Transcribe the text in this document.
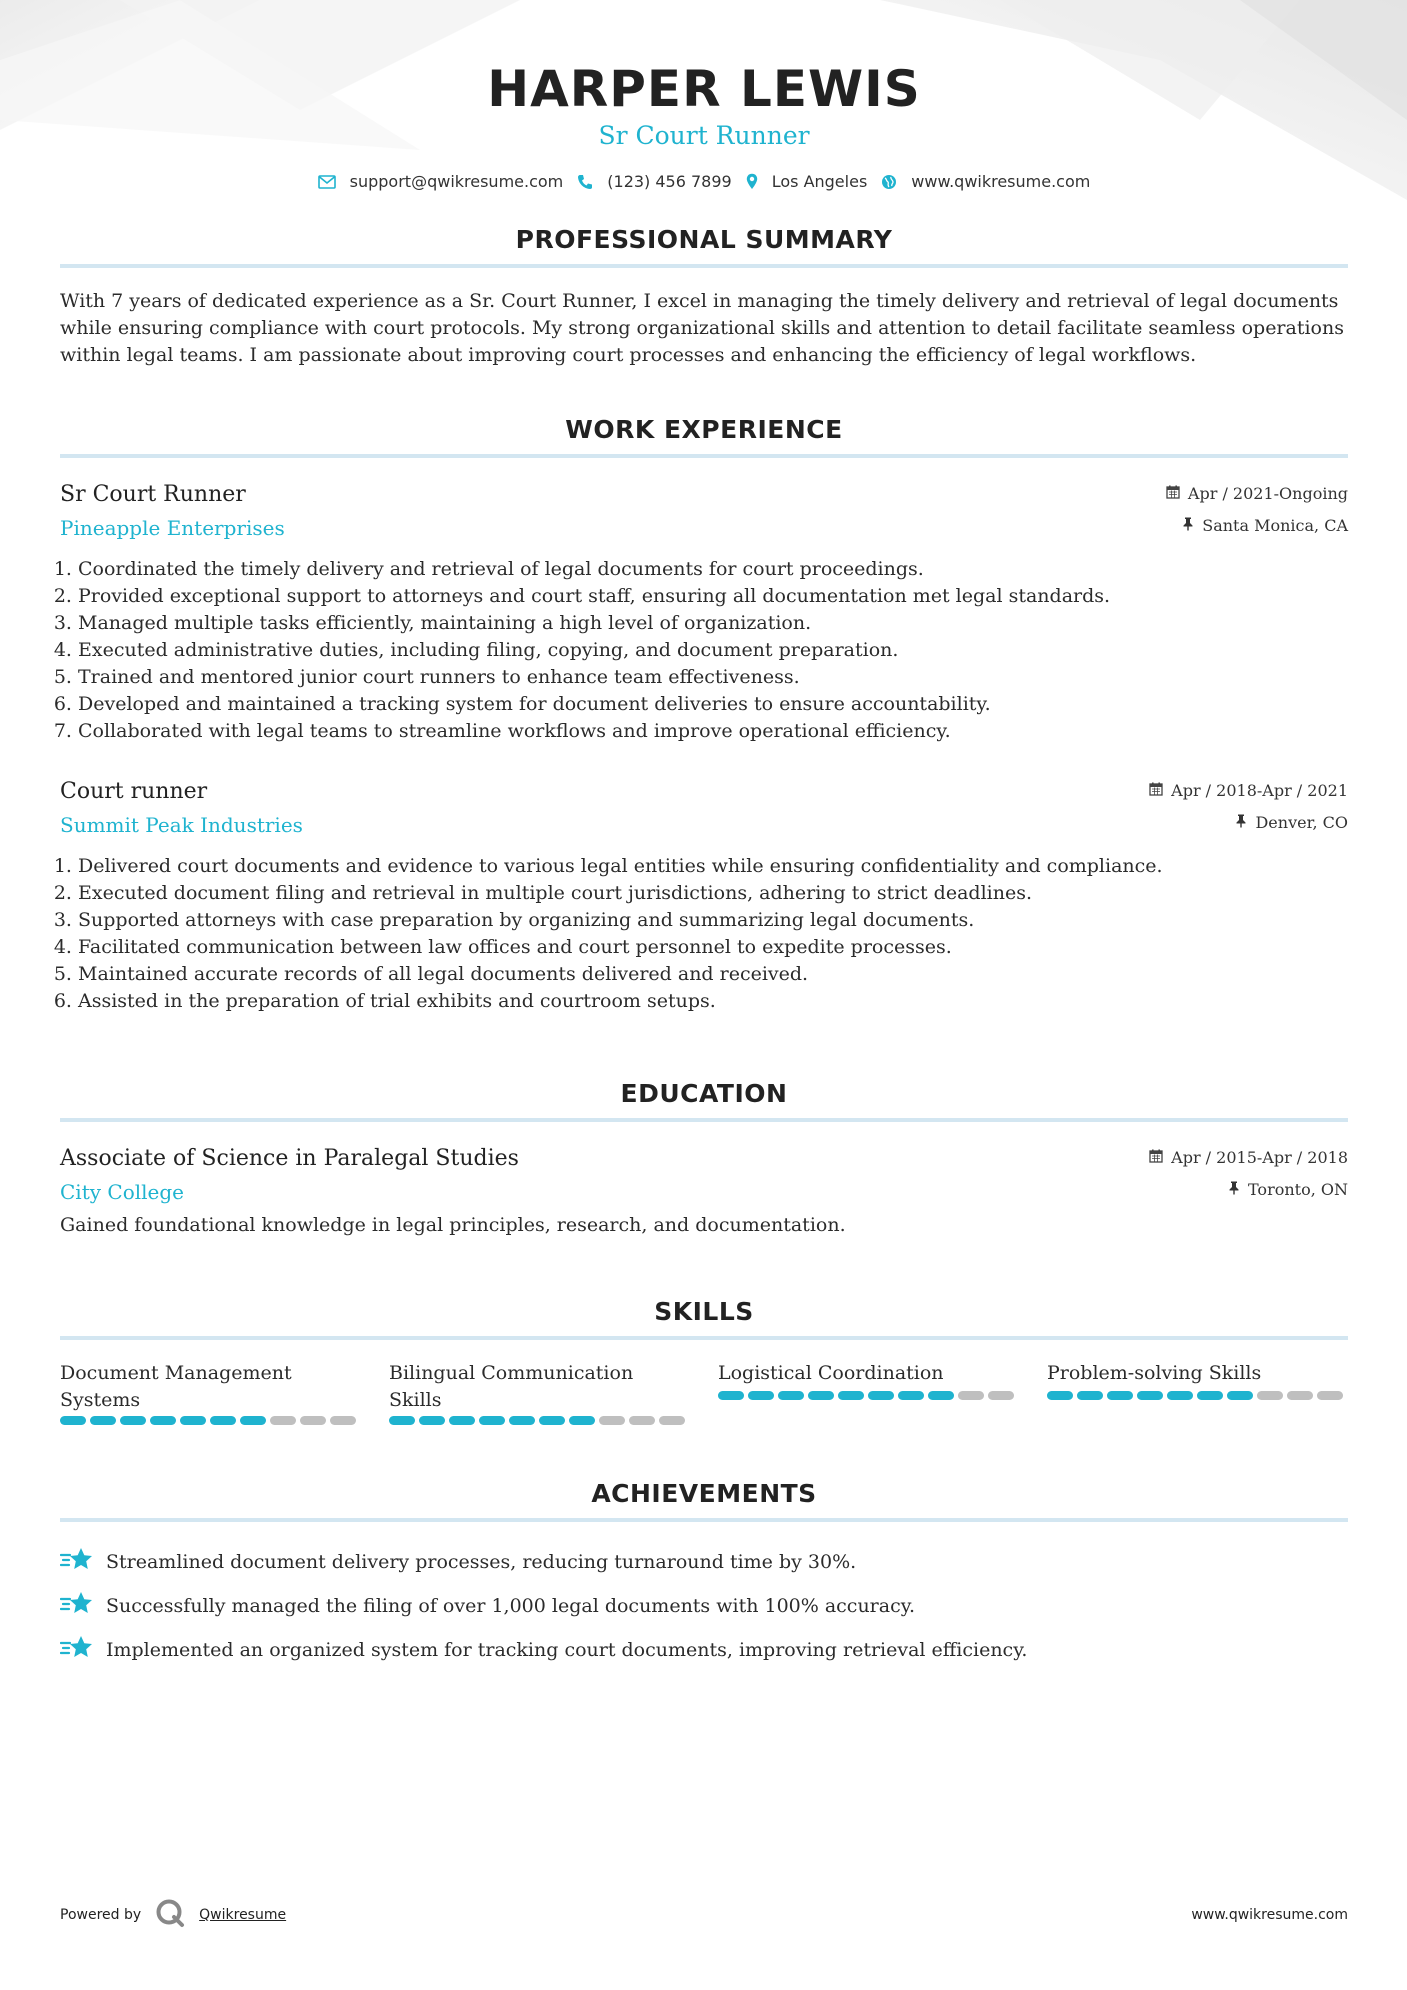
HARPER LEWIS
Sr Court Runner
support@qwikresume.com	(123) 456 7899	Los Angeles	www.qwikresume.com
PROFESSIONAL SUMMARY

With 7 years of dedicated experience as a Sr. Court Runner, I excel in managing the timely delivery and retrieval of legal documents while ensuring compliance with court protocols. My strong organizational skills and attention to detail facilitate seamless operations within legal teams. I am passionate about improving court processes and enhancing the efficiency of legal workflows.

WORK EXPERIENCE
Sr Court Runner
Pineapple Enterprises
Apr / 2021-Ongoing
Santa Monica, CA
1. Coordinated the timely delivery and retrieval of legal documents for court proceedings.
2. Provided exceptional support to attorneys and court staff, ensuring all documentation met legal standards.
3. Managed multiple tasks efficiently, maintaining a high level of organization.
4. Executed administrative duties, including filing, copying, and document preparation.
5. Trained and mentored junior court runners to enhance team effectiveness.
6. Developed and maintained a tracking system for document deliveries to ensure accountability.
7. Collaborated with legal teams to streamline workflows and improve operational efficiency.
Court runner
Summit Peak Industries
Apr / 2018-Apr / 2021
Denver, CO
1. Delivered court documents and evidence to various legal entities while ensuring confidentiality and compliance.
2. Executed document filing and retrieval in multiple court jurisdictions, adhering to strict deadlines.
3. Supported attorneys with case preparation by organizing and summarizing legal documents.
4. Facilitated communication between law offices and court personnel to expedite processes.
5. Maintained accurate records of all legal documents delivered and received.
6. Assisted in the preparation of trial exhibits and courtroom setups.
EDUCATION
Associate of Science in Paralegal Studies
City College
Apr / 2015-Apr / 2018
Toronto, ON

Gained foundational knowledge in legal principles, research, and documentation.

SKILLS
Document Management Systems
Bilingual Communication Skills
Logistical Coordination	Problem-solving Skills
ACHIEVEMENTS
Streamlined document delivery processes, reducing turnaround time by 30%.
Successfully managed the filing of over 1,000 legal documents with 100% accuracy.
Implemented an organized system for tracking court documents, improving retrieval efficiency.
Powered by	Qwikresume	www.qwikresume.com
